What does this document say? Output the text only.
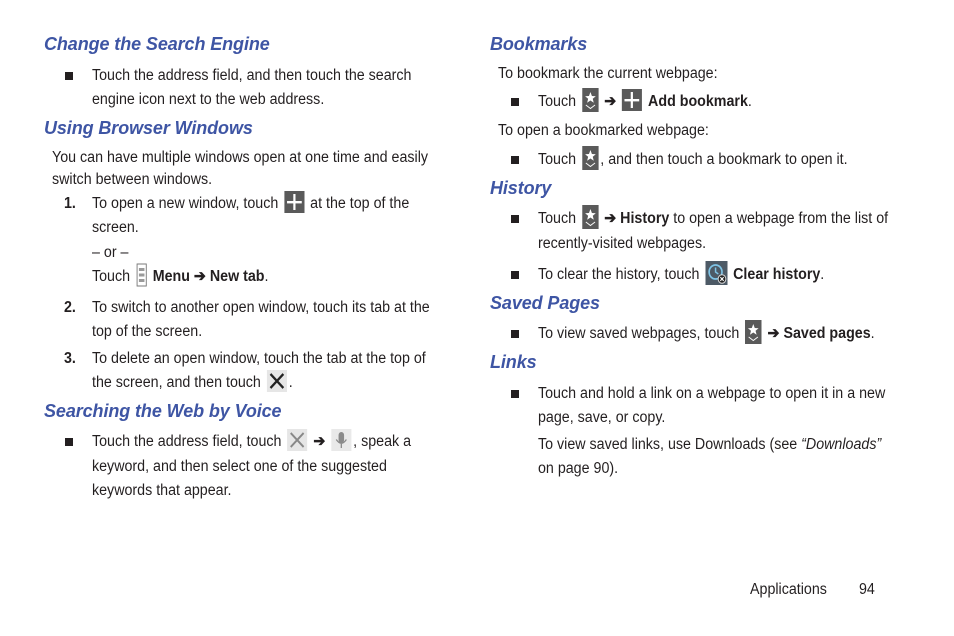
Change the Search Engine
Touch the address field, and then touch the search
engine icon next to the web address.
Using Browser Windows
You can have multiple windows open at one time and easily
switch between windows.
1. To open a new window, touch at the top of the
screen.
– or –
Touch Menu ➔ New tab.
2. To switch to another open window, touch its tab at the
top of the screen.
3. To delete an open window, touch the tab at the top of
the screen, and then touch .
Searching the Web by Voice
Touch the address field, touch ➔ , speak a
keyword, and then select one of the suggested
keywords that appear.
Bookmarks
To bookmark the current webpage:
Touch ➔ Add bookmark.
To open a bookmarked webpage:
Touch , and then touch a bookmark to open it.
History
Touch ➔ History to open a webpage from the list of
recently-visited webpages.
To clear the history, touch Clear history.
Saved Pages
To view saved webpages, touch ➔ Saved pages.
Links
Touch and hold a link on a webpage to open it in a new
page, save, or copy.
To view saved links, use Downloads (see “Downloads”
on page 90).
Applications 94
